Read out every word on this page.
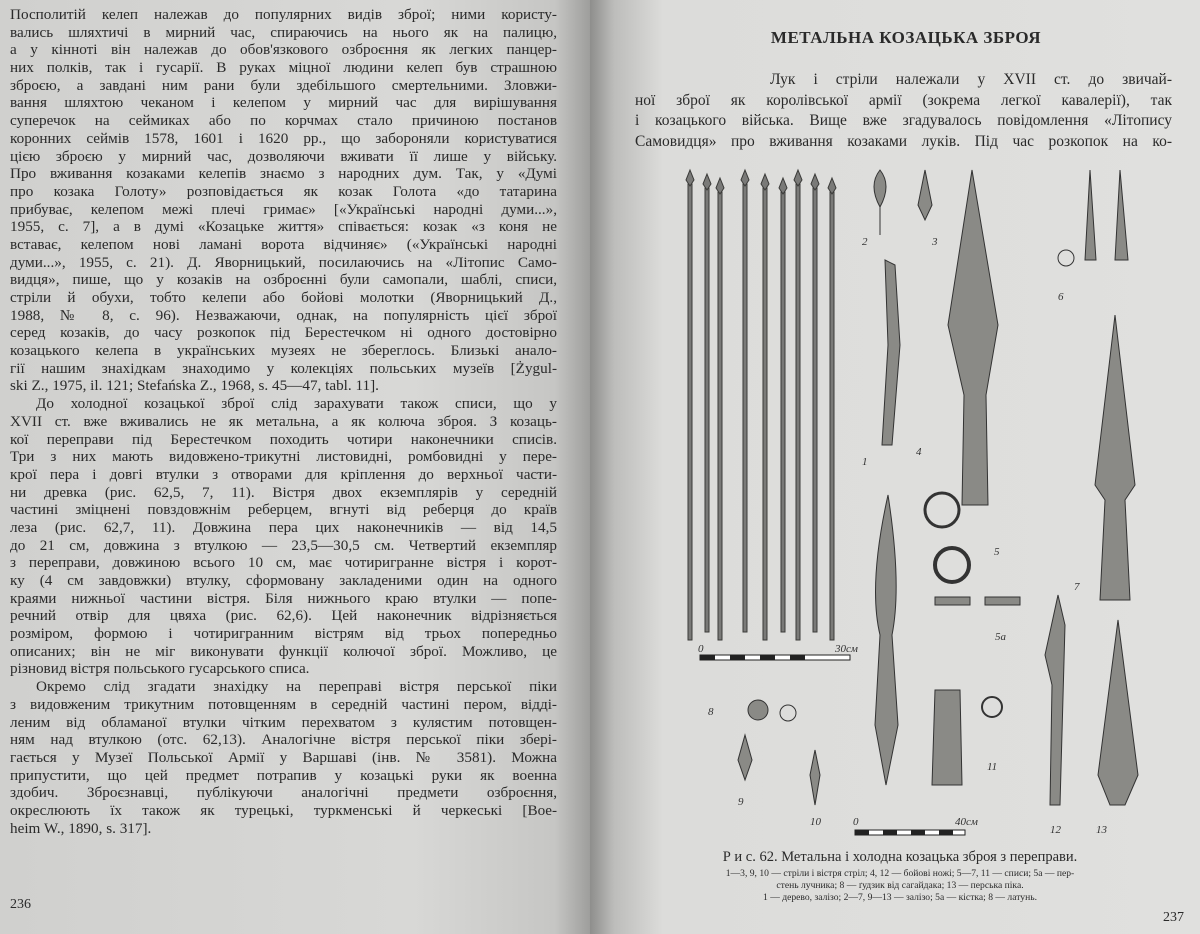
Посполитій келеп належав до популярних видів зброї; ними користу-
вались шляхтичі в мирний час, спираючись на нього як на палицю,
а у кінноті він належав до обов'язкового озброєння як легких панцер-
них полків, так і гусарії. В руках міцної людини келеп був страшною
зброєю, а завдані ним рани були здебільшого смертельними. Зловжи-
вання шляхтою чеканом і келепом у мирний час для вирішування
суперечок на сеймиках або по корчмах стало причиною постанов
коронних сеймів 1578, 1601 і 1620 рр., що забороняли користуватися
цією зброєю у мирний час, дозволяючи вживати її лише у війську.
Про вживання козаками келепів знаємо з народних дум. Так, у «Думі
про козака Голоту» розповідається як козак Голота «до татарина
прибуває, келепом межі плечі гримає» [«Українські народні думи...»,
1955, с. 7], а в думі «Козацьке життя» співається: козак «з коня не
вставає, келепом нові ламані ворота відчиняє» («Українські народні
думи...», 1955, с. 21). Д. Яворницький, посилаючись на «Літопис Само-
видця», пише, що у козаків на озброєнні були самопали, шаблі, списи,
стріли й обухи, тобто келепи або бойові молотки (Яворницький Д.,
1988, № 8, с. 96). Незважаючи, однак, на популярність цієї зброї
серед козаків, до часу розкопок під Берестечком ні одного достовірно
козацького келепа в українських музеях не збереглось. Близькі анало-
гії нашим знахідкам знаходимо у колекціях польських музеїв [Żygul-
ski Z., 1975, il. 121; Stefańska Z., 1968, s. 45—47, tabl. 11].
До холодної козацької зброї слід зарахувати також списи, що у
XVII ст. вже вживались не як метальна, а як колюча зброя. З козаць-
кої переправи під Берестечком походить чотири наконечники списів.
Три з них мають видовжено-трикутні листовидні, ромбовидні у пере-
крої пера і довгі втулки з отворами для кріплення до верхньої части-
ни древка (рис. 62,5, 7, 11). Вістря двох екземплярів у середній
частині зміцнені повздовжнім реберцем, вгнуті від реберця до країв
леза (рис. 62,7, 11). Довжина пера цих наконечників — від 14,5
до 21 см, довжина з втулкою — 23,5—30,5 см. Четвертий екземпляр
з переправи, довжиною всього 10 см, має чотиригранне вістря і корот-
ку (4 см завдовжки) втулку, сформовану закладеними один на одного
краями нижньої частини вістря. Біля нижнього краю втулки — попе-
речний отвір для цвяха (рис. 62,6). Цей наконечник відрізняється
розміром, формою і чотиригранним вістрям від трьох попередньо
описаних; він не міг виконувати функції колючої зброї. Можливо, це
різновид вістря польського гусарського списа.
Окремо слід згадати знахідку на переправі вістря перської піки
з видовженим трикутним потовщенням в середній частині пером, відді-
леним від обламаної втулки чітким перехватом з кулястим потовщен-
ням над втулкою (отс. 62,13). Аналогічне вістря перської піки зберi-
гається у Музеї Польської Армії у Варшаві (інв. № 3581). Можна
припустити, що цей предмет потрапив у козацькі руки як военна
здобич. Зброєзнавці, публікуючи аналогічні предмети озброєння,
окреслюють їх також як турецькі, туркменські й черкеські [Boe-
heim W., 1890, s. 317].
236
МЕТАЛЬНА КОЗАЦЬКА ЗБРОЯ
Лук і стріли належали у XVII ст. до звичай-
ної зброї як королівської армії (зокрема легкої кавалерії), так
і козацького війська. Вище вже згадувалось повідомлення «Літопису
Самовидця» про вживання козаками луків. Під час розкопок на ко-
0	30см
0	40см
2	3
1
4
5
5а
6
7
8
9
10
11
12	13
Р и с. 62. Метальна і холодна козацька зброя з переправи.
1—3, 9, 10 — стріли і вістря стріл; 4, 12 — бойові ножі; 5—7, 11 — списи; 5а — пер-
стень лучника; 8 — ґудзик від сагайдака; 13 — перська піка.
1 — дерево, залізо; 2—7, 9—13 — залізо; 5а — кістка; 8 — латунь.
237
